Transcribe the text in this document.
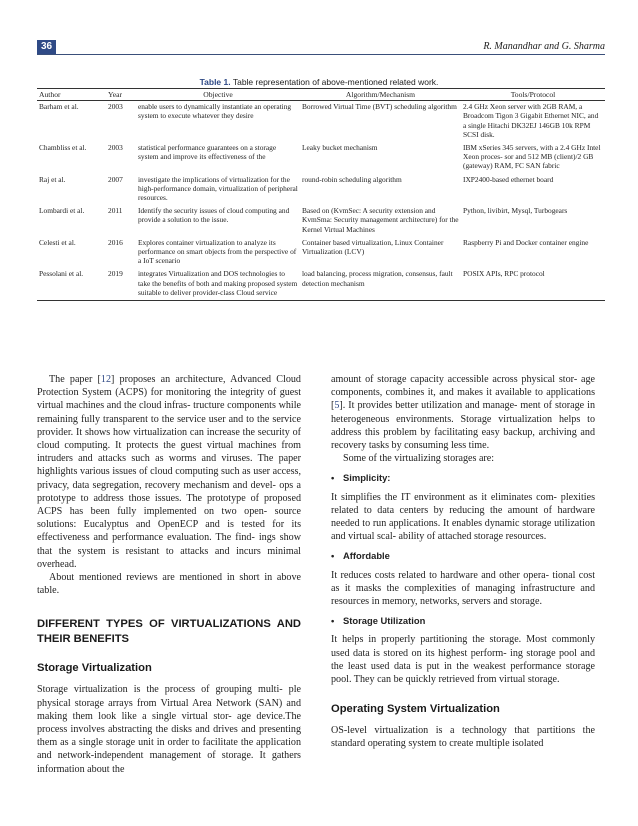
36	R. Manandhar and G. Sharma
Table 1. Table representation of above-mentioned related work.
Author	Year	Objective	Algorithm/Mechanism	Tools/Protocol
Barham et al.	2003	enable users to dynamically instantiate an operating system to execute whatever they desire	Borrowed Virtual Time (BVT) scheduling algorithm	2.4 GHz Xeon server with 2GB RAM, a Broadcom Tigon 3 Gigabit Ethernet NIC, and a single Hitachi DK32EJ 146GB 10k RPM SCSI disk.
Chambliss et al.	2003	statistical performance guarantees on a storage system and improve its effectiveness of the	Leaky bucket mechanism	IBM xSeries 345 servers, with a 2.4 GHz Intel Xeon proces- sor and 512 MB (client)/2 GB (gateway) RAM, FC SAN fabric
Raj et al.	2007	investigate the implications of virtualization for the high-performance domain, virtualization of peripheral resources.	round-robin scheduling algorithm	IXP2400-based ethernet board
Lombardi et al.	2011	Identify the security issues of cloud computing and provide a solution to the issue.	Based on (KvmSec: A security extension and KvmSma: Security management architecture) for the Kernel Virtual Machines	Python, livibirt, Mysql, Turbogears
Celesti et al.	2016	Explores container virtualization to analyze its performance on smart objects from the perspective of a IoT scenario	Container based virtualization, Linux Container Virtualization (LCV)	Raspberry Pi and Docker container engine
Pessolani et al.	2019	integrates Virtualization and DOS technologies to take the benefits of both and making proposed system suitable to deliver provider-class Cloud service	load balancing, process migration, consensus, fault detection mechanism	POSIX APIs, RPC protocol

The paper [12] proposes an architecture, Advanced Cloud Protection System (ACPS) for monitoring the integrity of guest virtual machines and the cloud infras- tructure components while remaining fully transparent to the service user and to the service provider. It shows how virtualization can increase the security of cloud computing. It protects the guest virtual machines from intruders and attacks such as worms and viruses. The paper highlights various issues of cloud computing such as user access, privacy, data segregation, recovery mechanism and devel- ops a prototype to address those issues. The prototype of proposed ACPS has been fully implemented on two open- source solutions: Eucalyptus and OpenECP and is tested for its effectiveness and performance evaluation. The find- ings show that the system is resistant to attacks and incurs minimal overhead.

About mentioned reviews are mentioned in short in above table.

DIFFERENT TYPES OF VIRTUALIZATIONS AND THEIR BENEFITS
Storage Virtualization

Storage virtualization is the process of grouping multi- ple physical storage arrays from Virtual Area Network (SAN) and making them look like a single virtual stor- age device.The process involves abstracting the disks and drives and presenting them as a single storage unit in order to facilitate the application and network-independent management of storage. It gathers information about the

amount of storage capacity accessible across physical stor- age components, combines it, and makes it available to applications [5]. It provides better utilization and manage- ment of storage in heterogeneous environments. Storage virtualization helps to address this problem by facilitating easy backup, archiving and recovery tasks by consuming less time.

Some of the virtualizing storages are:

• Simplicity:

It simplifies the IT environment as it eliminates com- plexities related to data centers by reducing the amount of hardware needed to run applications. It enables dynamic storage utilization and virtual scal- ability of attached storage resources.

• Affordable

It reduces costs related to hardware and other opera- tional cost as it masks the complexities of managing infrastructure and resources in memory, networks, servers and storage.

• Storage Utilization

It helps in properly partitioning the storage. Most commonly used data is stored on its highest perform- ing storage pool and the least used data is put in the weakest performance storage pool. They can be quickly retrieved from virtual storage.

Operating System Virtualization

OS-level virtualization is a technology that partitions the standard operating system to create multiple isolated
